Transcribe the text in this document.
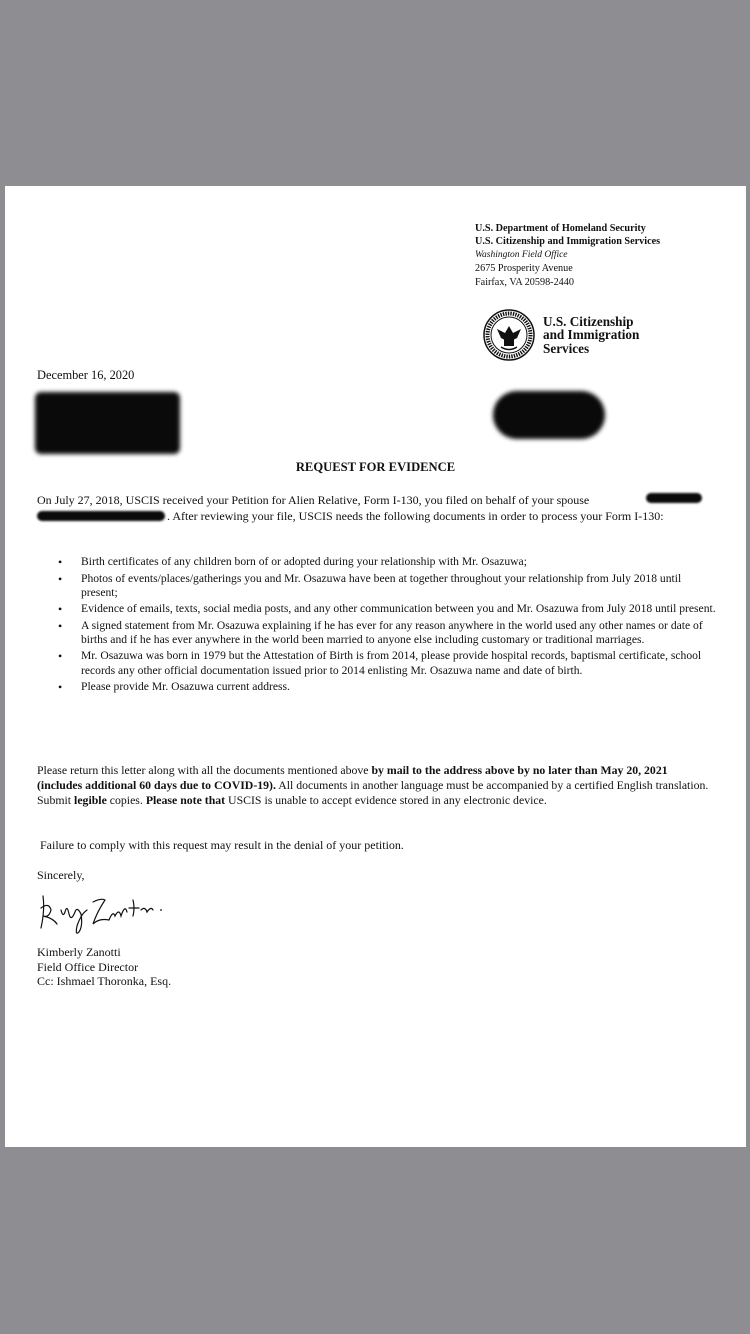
U.S. Department of Homeland Security
U.S. Citizenship and Immigration Services
Washington Field Office
2675 Prosperity Avenue
Fairfax, VA 20598-2440
U.S. Citizenship
and Immigration
Services
December 16, 2020
REQUEST FOR EVIDENCE
On July 27, 2018, USCIS received your Petition for Alien Relative, Form I-130, you filed on behalf of your spouse  . After reviewing your file, USCIS needs the following documents in order to process your Form I-130:
• Birth certificates of any children born of or adopted during your relationship with Mr. Osazuwa;
• Photos of events/places/gatherings you and Mr. Osazuwa have been at together throughout your relationship from July 2018 until present;
• Evidence of emails, texts, social media posts, and any other communication between you and Mr. Osazuwa from July 2018 until present.
• A signed statement from Mr. Osazuwa explaining if he has ever for any reason anywhere in the world used any other names or date of births and if he has ever anywhere in the world been married to anyone else including customary or traditional marriages.
• Mr. Osazuwa was born in 1979 but the Attestation of Birth is from 2014, please provide hospital records, baptismal certificate, school records any other official documentation issued prior to 2014 enlisting Mr. Osazuwa name and date of birth.
• Please provide Mr. Osazuwa current address.
Please return this letter along with all the documents mentioned above by mail to the address above by no later than May 20, 2021 (includes additional 60 days due to COVID-19). All documents in another language must be accompanied by a certified English translation. Submit legible copies. Please note that USCIS is unable to accept evidence stored in any electronic device.
Failure to comply with this request may result in the denial of your petition.
Sincerely,
Kimberly Zanotti
Field Office Director
Cc: Ishmael Thoronka, Esq.
